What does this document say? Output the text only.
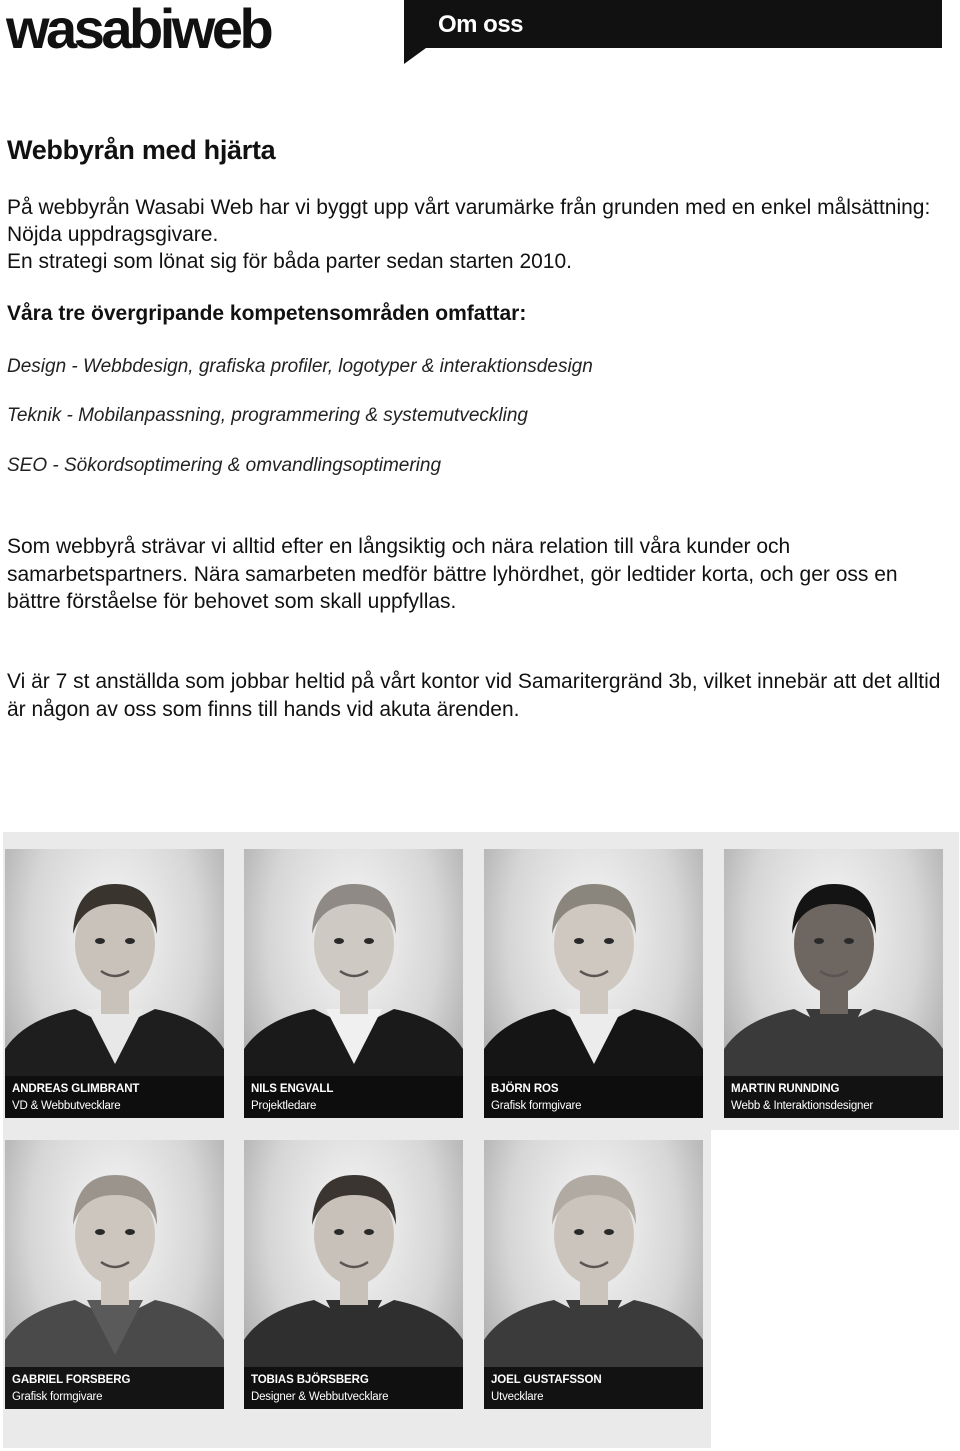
wasabiweb	Om oss
Webbyrån med hjärta
På webbyrån Wasabi Web har vi byggt upp vårt varumärke från grunden med en enkel målsättning: Nöjda uppdragsgivare.
En strategi som lönat sig för båda parter sedan starten 2010.
Våra tre övergripande kompetensområden omfattar:
Design - Webbdesign, grafiska profiler, logotyper & interaktionsdesign
Teknik - Mobilanpassning, programmering & systemutveckling
SEO - Sökordsoptimering & omvandlingsoptimering
Som webbyrå strävar vi alltid efter en långsiktig och nära relation till våra kunder och samarbetspartners. Nära samarbeten medför bättre lyhördhet, gör ledtider korta, och ger oss en bättre förståelse för behovet som skall uppfyllas.
Vi är 7 st anställda som jobbar heltid på vårt kontor vid Samaritergränd 3b, vilket innebär att det alltid är någon av oss som finns till hands vid akuta ärenden.
ANDREAS GLIMBRANT
VD & Webbutvecklare
NILS ENGVALL
Projektledare
BJÖRN ROS
Grafisk formgivare
MARTIN RUNNDING
Webb & Interaktionsdesigner
GABRIEL FORSBERG
Grafisk formgivare
TOBIAS BJÖRSBERG
Designer & Webbutvecklare
JOEL GUSTAFSSON
Utvecklare
